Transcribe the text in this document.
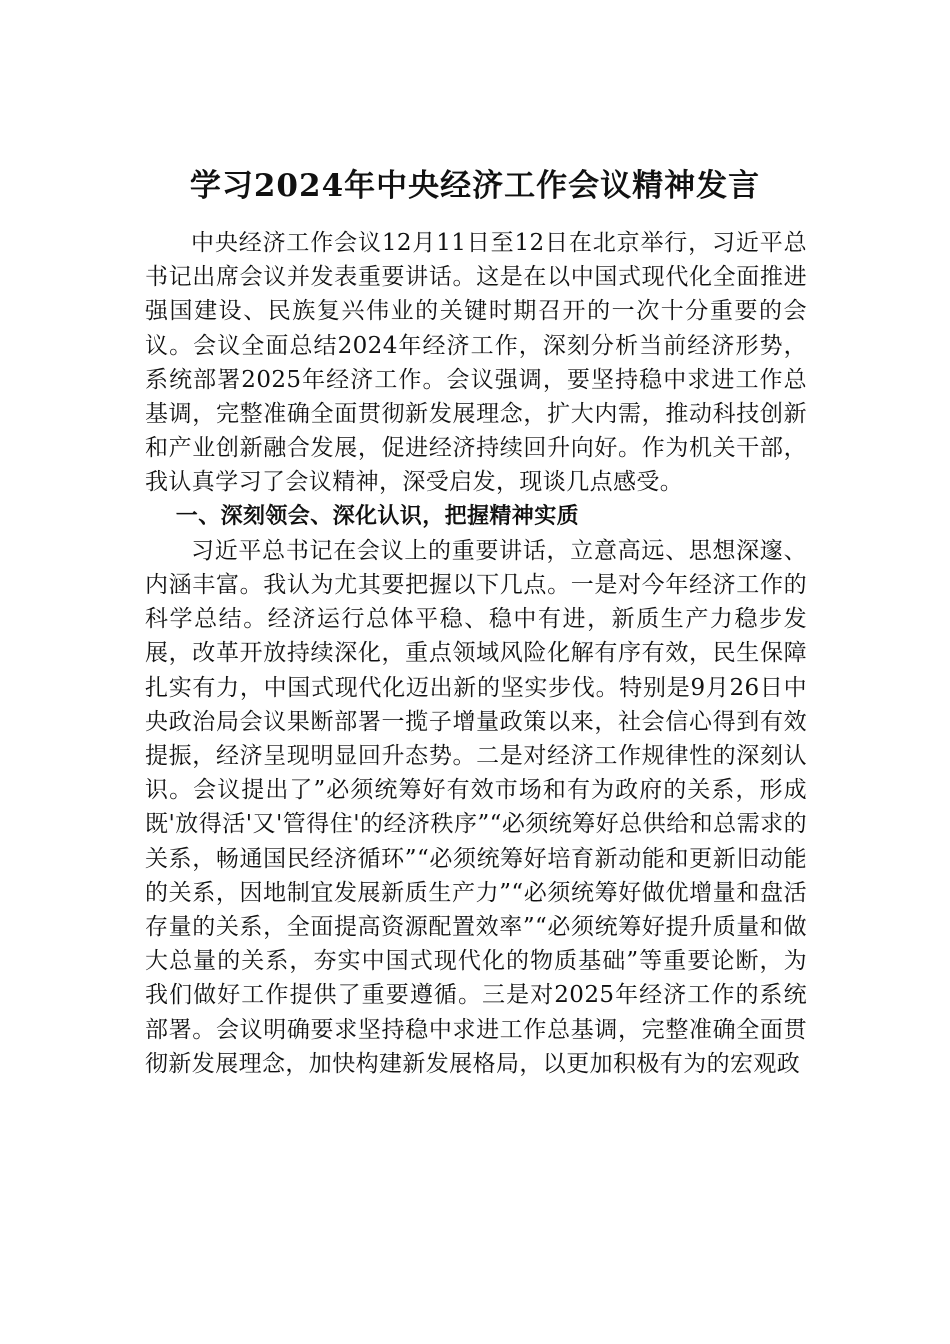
学习2024年中央经济工作会议精神发言

中央经济工作会议12月11日至12日在北京举行，习近平总书记出席会议并发表重要讲话。这是在以中国式现代化全面推进强国建设、民族复兴伟业的关键时期召开的一次十分重要的会议。会议全面总结2024年经济工作，深刻分析当前经济形势，系统部署2025年经济工作。会议强调，要坚持稳中求进工作总基调，完整准确全面贯彻新发展理念，扩大内需，推动科技创新和产业创新融合发展，促进经济持续回升向好。作为机关干部，我认真学习了会议精神，深受启发，现谈几点感受。

一、深刻领会、深化认识，把握精神实质

习近平总书记在会议上的重要讲话，立意高远、思想深邃、内涵丰富。我认为尤其要把握以下几点。一是对今年经济工作的科学总结。经济运行总体平稳、稳中有进，新质生产力稳步发展，改革开放持续深化，重点领域风险化解有序有效，民生保障扎实有力，中国式现代化迈出新的坚实步伐。特别是9月26日中央政治局会议果断部署一揽子增量政策以来，社会信心得到有效提振，经济呈现明显回升态势。二是对经济工作规律性的深刻认识。会议提出了”必须统筹好有效市场和有为政府的关系，形成既'放得活'又'管得住'的经济秩序”“必须统筹好总供给和总需求的关系，畅通国民经济循环”“必须统筹好培育新动能和更新旧动能的关系，因地制宜发展新质生产力”“必须统筹好做优增量和盘活存量的关系，全面提高资源配置效率”“必须统筹好提升质量和做大总量的关系，夯实中国式现代化的物质基础”等重要论断，为我们做好工作提供了重要遵循。三是对2025年经济工作的系统部署。会议明确要求坚持稳中求进工作总基调，完整准确全面贯彻新发展理念，加快构建新发展格局，以更加积极有为的宏观政
